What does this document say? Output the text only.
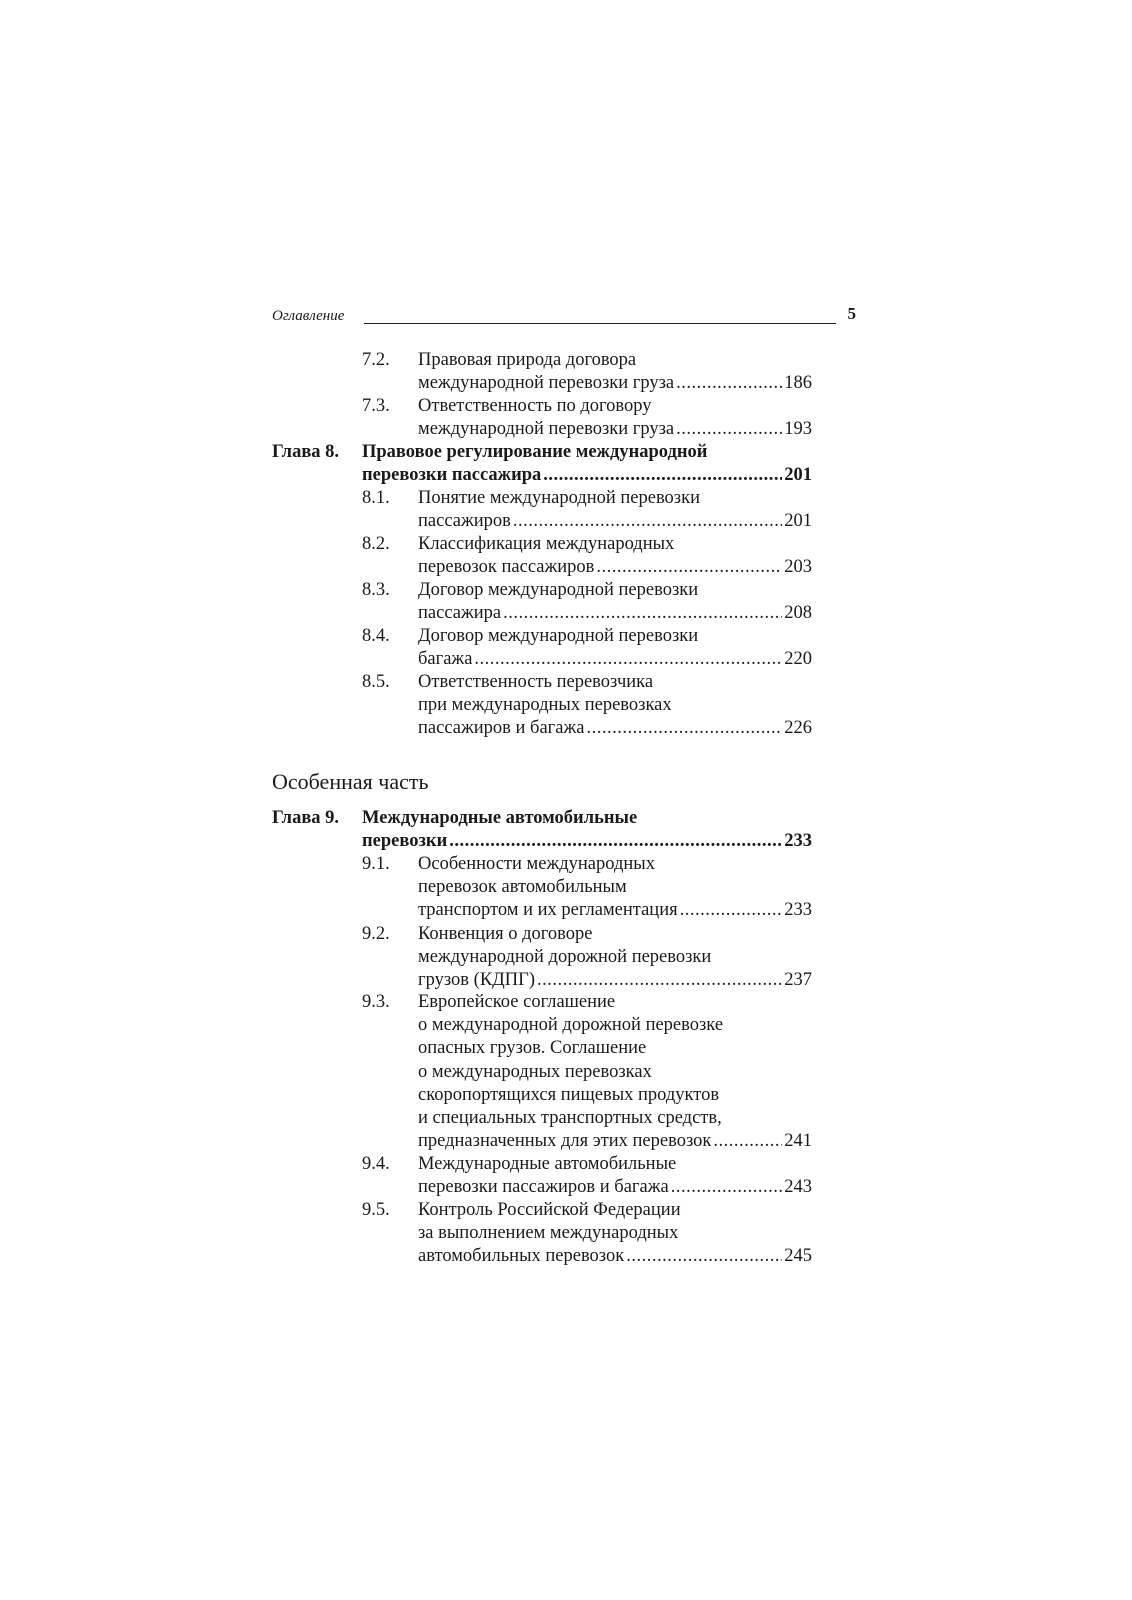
Оглавление	5
7.2. Правовая природа договора
международной перевозки груза	186
.....
7.3. Ответственность по договору
международной перевозки груза	193
.....
Глава 8. Правовое регулирование международной
перевозки пассажира	201
.....
8.1. Понятие международной перевозки
пассажиров	201
.....
8.2. Классификация международных
перевозок пассажиров	203
.....
8.3. Договор международной перевозки
пассажира	208
.....
8.4. Договор международной перевозки
багажа	220
.....
8.5. Ответственность перевозчика
при международных перевозках
пассажиров и багажа	226
.....
Глава 9. Международные автомобильные
перевозки	233
.....
9.1. Особенности международных
перевозок автомобильным
транспортом и их регламентация	233
.....
9.2. Конвенция о договоре
международной дорожной перевозки
грузов (КДПГ)	237
.....
9.3. Европейское соглашение
о международной дорожной перевозке
опасных грузов. Соглашение
о международных перевозках
скоропортящихся пищевых продуктов
и специальных транспортных средств,
предназначенных для этих перевозок	241
.....
9.4. Международные автомобильные
перевозки пассажиров и багажа	243
.....
9.5. Контроль Российской Федерации
за выполнением международных
автомобильных перевозок	245
.....
Особенная часть
